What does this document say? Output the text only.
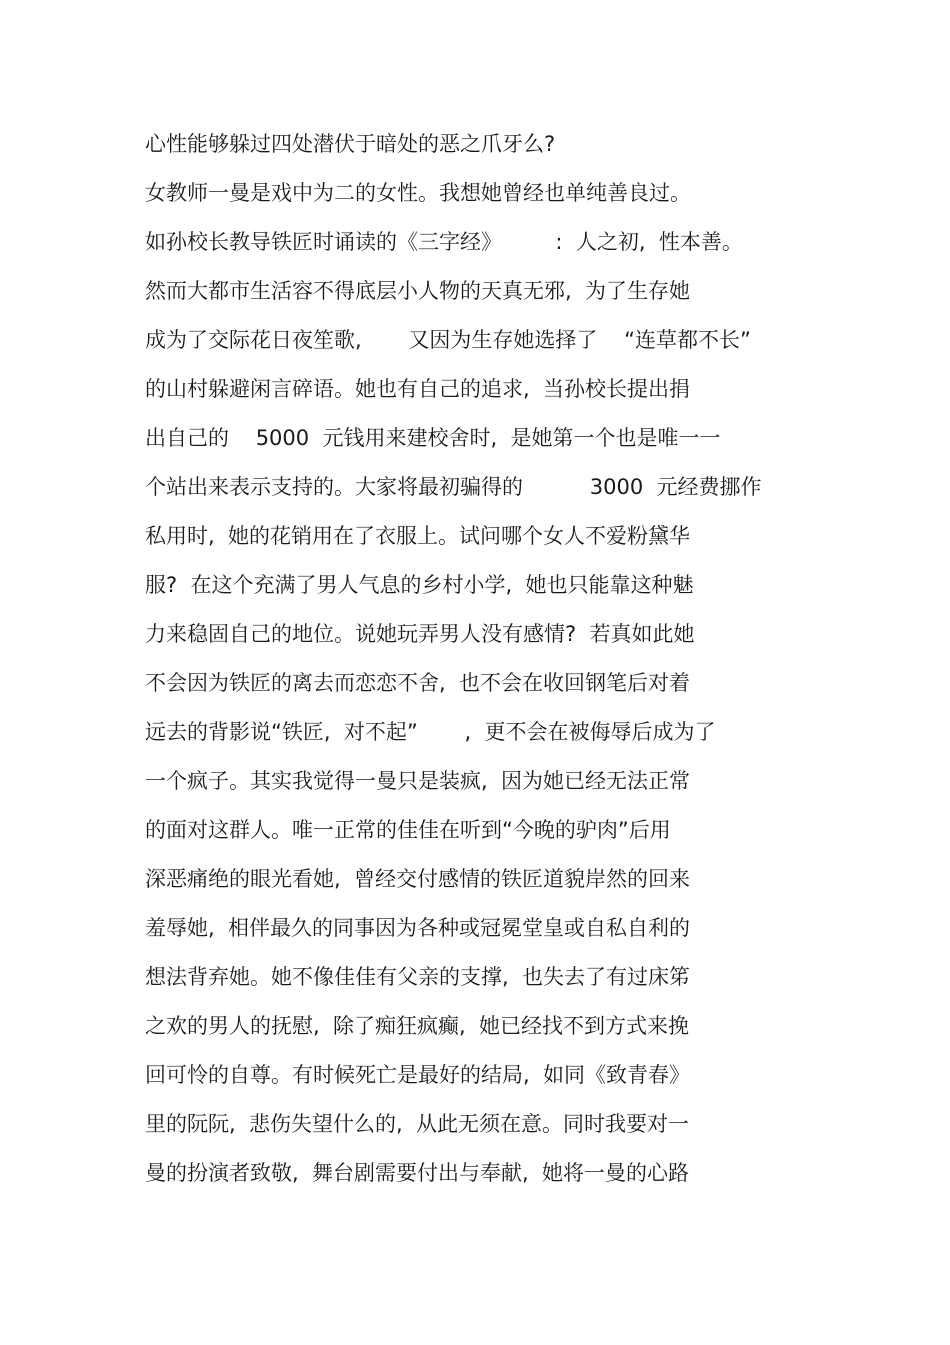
心性能够躲过四处潜伏于暗处的恶之爪牙么?
女教师一曼是戏中为二的女性。我想她曾经也单纯善良过。
如孙校长教导铁匠时诵读的《三字经》        :  人之初,  性本善。
然而大都市生活容不得底层小人物的天真无邪,  为了生存她
成为了交际花日夜笙歌,       又因为生存她选择了    “连草都不长”
的山村躲避闲言碎语。她也有自己的追求,  当孙校长提出捐
出自己的    5000  元钱用来建校舍时,  是她第一个也是唯一一
个站出来表示支持的。大家将最初骗得的          3000  元经费挪作
私用时,  她的花销用在了衣服上。试问哪个女人不爱粉黛华
服?  在这个充满了男人气息的乡村小学,  她也只能靠这种魅
力来稳固自己的地位。说她玩弄男人没有感情?  若真如此她
不会因为铁匠的离去而恋恋不舍,  也不会在收回钢笔后对着
远去的背影说“铁匠,  对不起”       ,  更不会在被侮辱后成为了
一个疯子。其实我觉得一曼只是装疯,  因为她已经无法正常
的面对这群人。唯一正常的佳佳在听到“今晚的驴肉”后用
深恶痛绝的眼光看她,  曾经交付感情的铁匠道貌岸然的回来
羞辱她,  相伴最久的同事因为各种或冠冕堂皇或自私自利的
想法背弃她。她不像佳佳有父亲的支撑,  也失去了有过床笫
之欢的男人的抚慰,  除了痴狂疯癫,  她已经找不到方式来挽
回可怜的自尊。有时候死亡是最好的结局,  如同《致青春》
里的阮阮,  悲伤失望什么的,  从此无须在意。同时我要对一
曼的扮演者致敬,  舞台剧需要付出与奉献,  她将一曼的心路
